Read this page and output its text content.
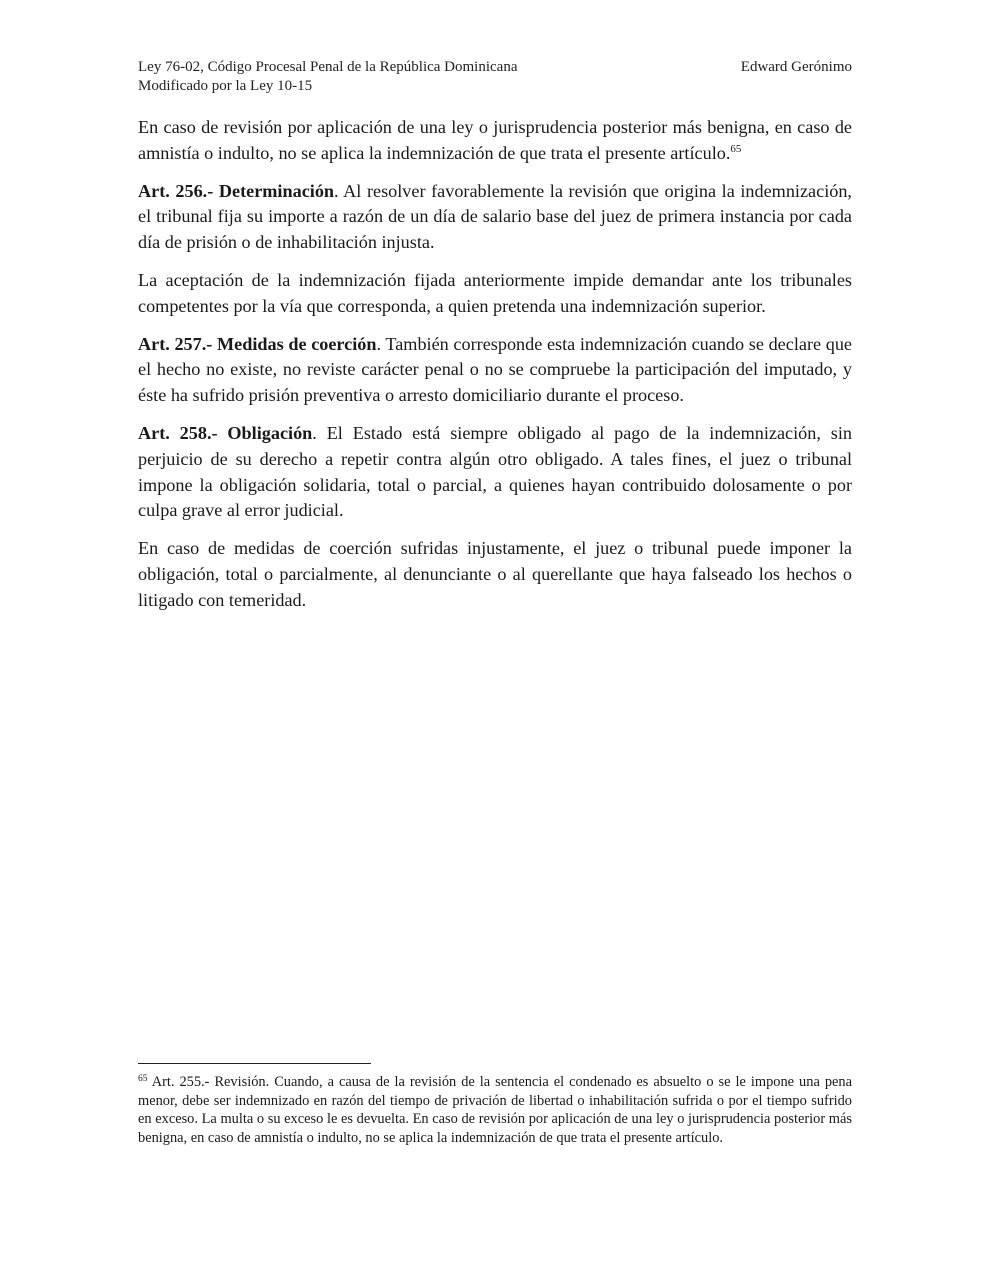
Ley 76-02, Código Procesal Penal de la República Dominicana	Edward Gerónimo
Modificado por la Ley 10-15

En caso de revisión por aplicación de una ley o jurisprudencia posterior más benigna, en caso de amnistía o indulto, no se aplica la indemnización de que trata el presente artículo.$^{65}$

Art. 256.- Determinación. Al resolver favorablemente la revisión que origina la indemnización, el tribunal fija su importe a razón de un día de salario base del juez de primera instancia por cada día de prisión o de inhabilitación injusta.

La aceptación de la indemnización fijada anteriormente impide demandar ante los tribunales competentes por la vía que corresponda, a quien pretenda una indemnización superior.

Art. 257.- Medidas de coerción. También corresponde esta indemnización cuando se declare que el hecho no existe, no reviste carácter penal o no se compruebe la participación del imputado, y éste ha sufrido prisión preventiva o arresto domiciliario durante el proceso.

Art. 258.- Obligación. El Estado está siempre obligado al pago de la indemnización, sin perjuicio de su derecho a repetir contra algún otro obligado. A tales fines, el juez o tribunal impone la obligación solidaria, total o parcial, a quienes hayan contribuido dolosamente o por culpa grave al error judicial.

En caso de medidas de coerción sufridas injustamente, el juez o tribunal puede imponer la obligación, total o parcialmente, al denunciante o al querellante que haya falseado los hechos o litigado con temeridad.

$^{65}$ Art. 255.- Revisión. Cuando, a causa de la revisión de la sentencia el condenado es absuelto o se le impone una pena menor, debe ser indemnizado en razón del tiempo de privación de libertad o inhabilitación sufrida o por el tiempo sufrido en exceso. La multa o su exceso le es devuelta. En caso de revisión por aplicación de una ley o jurisprudencia posterior más benigna, en caso de amnistía o indulto, no se aplica la indemnización de que trata el presente artículo.
